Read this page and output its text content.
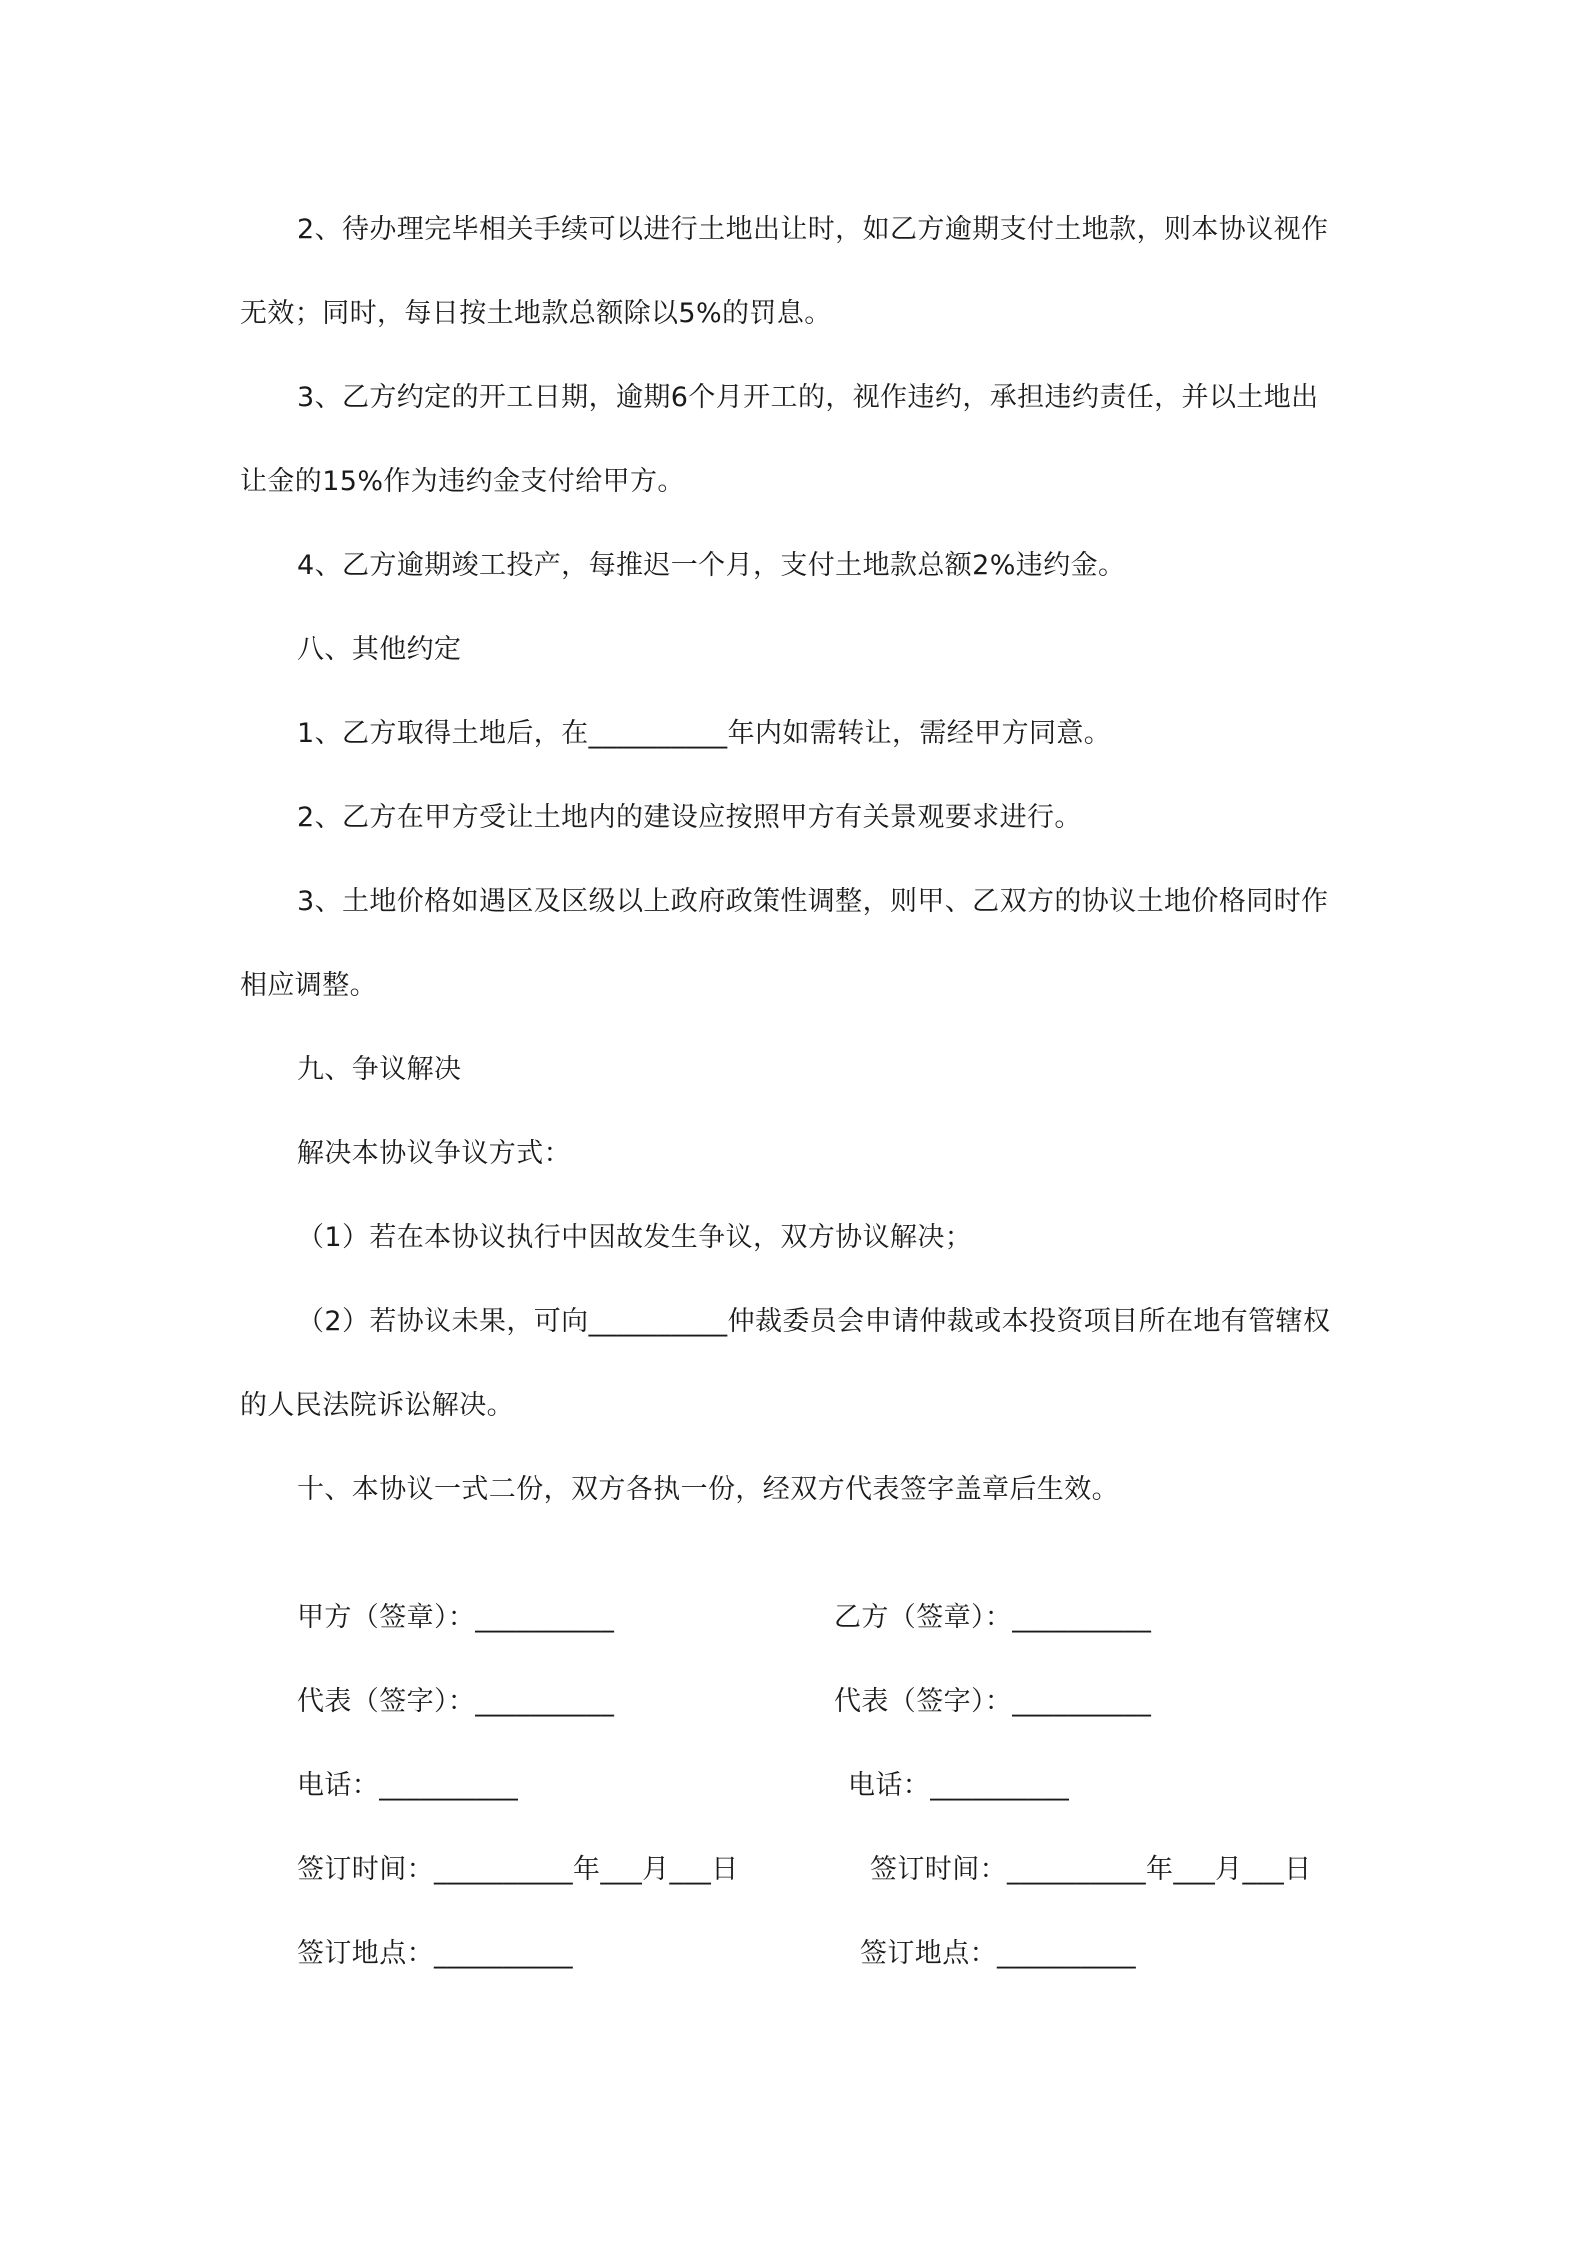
2、待办理完毕相关手续可以进行土地出让时，如乙方逾期支付土地款，则本协议视作
无效；同时，每日按土地款总额除以5%的罚息。
3、乙方约定的开工日期，逾期6个月开工的，视作违约，承担违约责任，并以土地出
让金的15%作为违约金支付给甲方。
4、乙方逾期竣工投产，每推迟一个月，支付土地款总额2%违约金。
八、其他约定
1、乙方取得土地后，在__________年内如需转让，需经甲方同意。
2、乙方在甲方受让土地内的建设应按照甲方有关景观要求进行。
3、土地价格如遇区及区级以上政府政策性调整，则甲、乙双方的协议土地价格同时作
相应调整。
九、争议解决
解决本协议争议方式：
（1）若在本协议执行中因故发生争议，双方协议解决；
（2）若协议未果，可向__________仲裁委员会申请仲裁或本投资项目所在地有管辖权
的人民法院诉讼解决。
十、本协议一式二份，双方各执一份，经双方代表签字盖章后生效。
甲方（签章）：__________
代表（签字）：__________
电话：__________
签订时间：__________年___月___日
签订地点：__________
乙方（签章）：__________
代表（签字）：__________
电话：__________
签订时间：__________年___月___日
签订地点：__________
